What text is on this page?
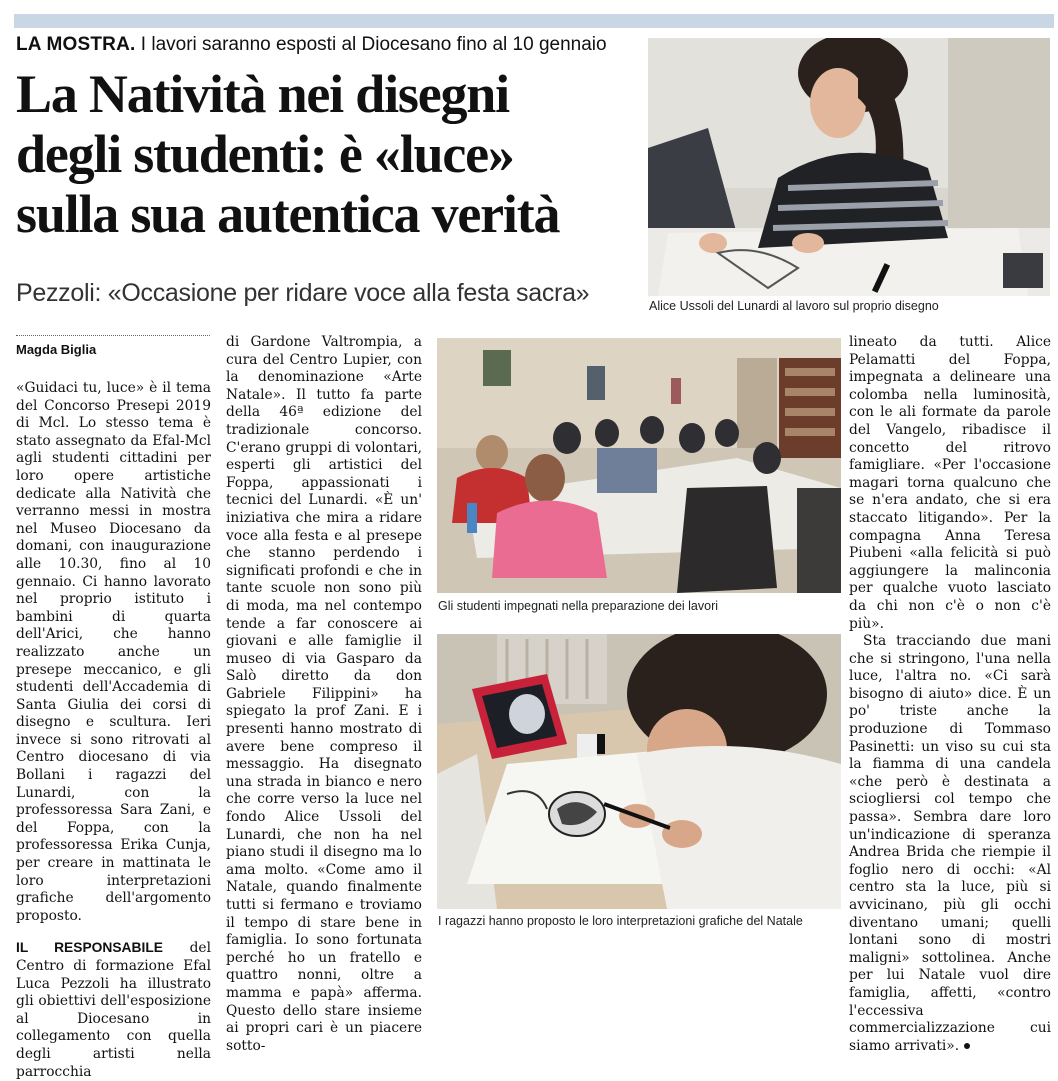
LA MOSTRA. I lavori saranno esposti al Diocesano fino al 10 gennaio
La Natività nei disegni
degli studenti: è «luce»
sulla sua autentica verità
Pezzoli: «Occasione per ridare voce alla festa sacra»
Magda Biglia

«Guidaci tu, luce» è il tema del Concorso Presepi 2019 di Mcl. Lo stesso tema è stato assegnato da Efal-Mcl agli studenti cittadini per loro opere artistiche dedicate alla Natività che verranno messi in mostra nel Museo Diocesano da domani, con inaugurazione alle 10.30, fino al 10 gennaio. Ci hanno lavorato nel proprio istituto i bambini di quarta dell'Arici, che hanno realizzato anche un presepe meccanico, e gli studenti dell'Accademia di Santa Giulia dei corsi di disegno e scultura. Ieri invece si sono ritrovati al Centro diocesano di via Bollani i ragazzi del Lunardi, con la professoressa Sara Zani, e del Foppa, con la professoressa Erika Cunja, per creare in mattinata le loro interpretazioni grafiche dell'argomento proposto.

IL RESPONSABILE del Centro di formazione Efal Luca Pezzoli ha illustrato gli obiettivi dell'esposizione al Diocesano in collegamento con quella degli artisti nella parrocchia

di Gardone Valtrompia, a cura del Centro Lupier, con la denominazione «Arte Natale». Il tutto fa parte della 46ª edizione del tradizionale concorso. C'erano gruppi di volontari, esperti gli artistici del Foppa, appassionati i tecnici del Lunardi. «È un' iniziativa che mira a ridare voce alla festa e al presepe che stanno perdendo i significati profondi e che in tante scuole non sono più di moda, ma nel contempo tende a far conoscere ai giovani e alle famiglie il museo di via Gasparo da Salò diretto da don Gabriele Filippini» ha spiegato la prof Zani. E i presenti hanno mostrato di avere bene compreso il messaggio. Ha disegnato una strada in bianco e nero che corre verso la luce nel fondo Alice Ussoli del Lunardi, che non ha nel piano studi il disegno ma lo ama molto. «Come amo il Natale, quando finalmente tutti si fermano e troviamo il tempo di stare bene in famiglia. Io sono fortunata perché ho un fratello e quattro nonni, oltre a mamma e papà» afferma. Questo dello stare insieme ai propri cari è un piacere sotto-

lineato da tutti. Alice Pelamatti del Foppa, impegnata a delineare una colomba nella luminosità, con le ali formate da parole del Vangelo, ribadisce il concetto del ritrovo famigliare. «Per l'occasione magari torna qualcuno che se n'era andato, che si era staccato litigando». Per la compagna Anna Teresa Piubeni «alla felicità si può aggiungere la malinconia per qualche vuoto lasciato da chi non c'è o non c'è più».

Sta tracciando due mani che si stringono, l'una nella luce, l'altra no. «Ci sarà bisogno di aiuto» dice. È un po' triste anche la produzione di Tommaso Pasinetti: un viso su cui sta la fiamma di una candela «che però è destinata a sciogliersi col tempo che passa». Sembra dare loro un'indicazione di speranza Andrea Brida che riempie il foglio nero di occhi: «Al centro sta la luce, più si avvicinano, più gli occhi diventano umani; quelli lontani sono di mostri maligni» sottolinea. Anche per lui Natale vuol dire famiglia, affetti, «contro l'eccessiva commercializzazione cui siamo arrivati».

Alice Ussoli del Lunardi al lavoro sul proprio disegno
Gli studenti impegnati nella preparazione dei lavori
I ragazzi hanno proposto le loro interpretazioni grafiche del Natale
